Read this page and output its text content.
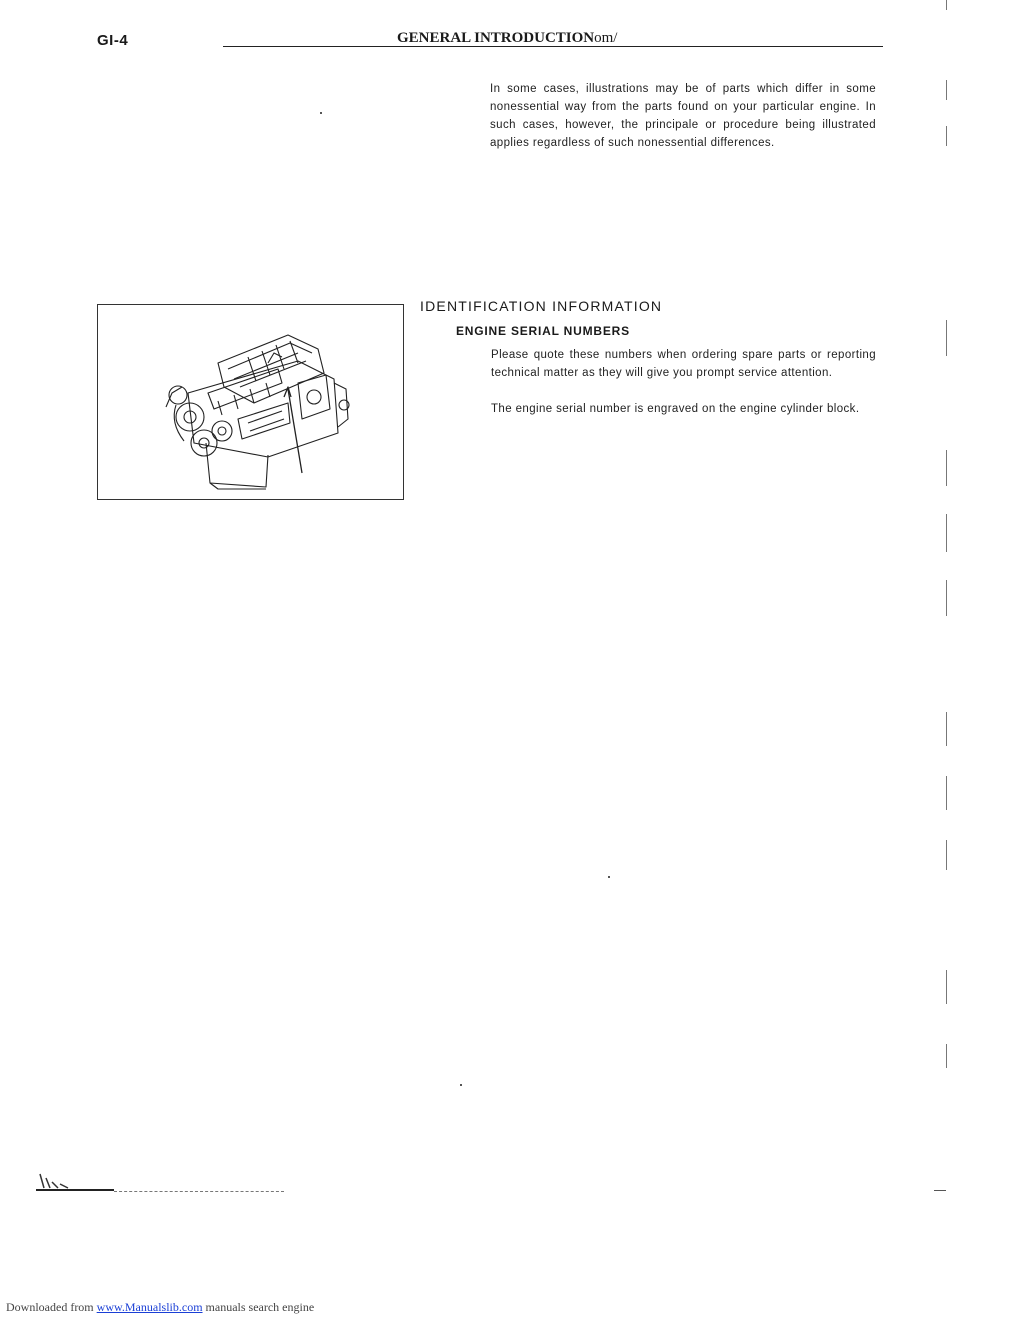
GI-4	GENERAL INTRODUCTIONom/
In some cases, illustrations may be of parts which differ in some nonessential way from the parts found on your particular engine. In such cases, however, the principale or procedure being illustrated applies regardless of such nonessential differences.
IDENTIFICATION INFORMATION
ENGINE SERIAL NUMBERS
Please quote these numbers when ordering spare parts or reporting technical matter as they will give you prompt service attention.
The engine serial number is engraved on the engine cylinder block.
Downloaded from www.Manualslib.com manuals search engine
